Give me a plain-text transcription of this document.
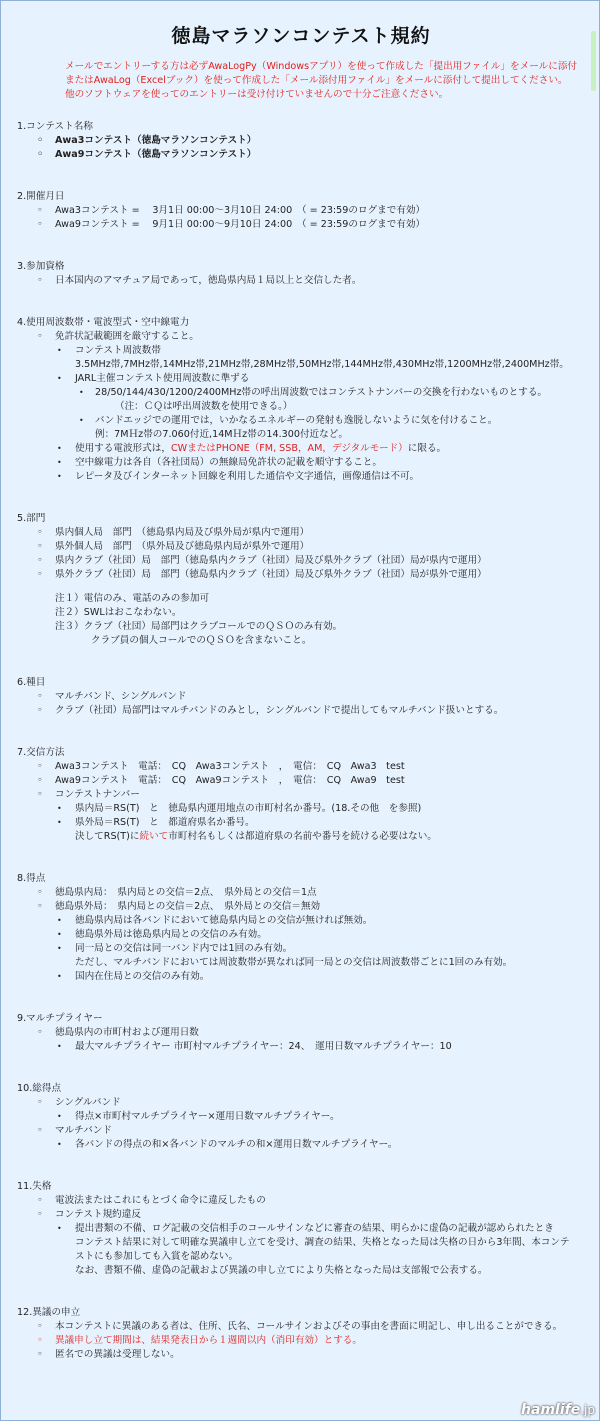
徳島マラソンコンテスト規約
メールでエントリーする方は必ずAwaLogPy（Windowsアプリ）を使って作成した「提出用ファイル」をメールに添付
またはAwaLog（Excelブック）を使って作成した「メール添付用ファイル」をメールに添付して提出してください。
他のソフトウェアを使ってのエントリーは受け付けていませんので十分ご注意ください。
1.コンテスト名称
◦ Awa3コンテスト（徳島マラソンコンテスト）
◦ Awa9コンテスト（徳島マラソンコンテスト）
2.開催月日
◦ Awa3コンテスト =　 3月1日 00:00～3月10日 24:00　（ = 23:59のログまで有効）
◦ Awa9コンテスト =　 9月1日 00:00～9月10日 24:00　（ = 23:59のログまで有効）
3.参加資格
◦ 日本国内のアマチュア局であって，徳島県内局１局以上と交信した者。
4.使用周波数帯・電波型式・空中線電力
◦ 免許状記載範囲を厳守すること。
• コンテスト周波数帯
3.5MHz帯,7MHz帯,14MHz帯,21MHz帯,28MHz帯,50MHz帯,144MHz帯,430MHz帯,1200MHz帯,2400MHz帯。
• JARL主催コンテスト使用周波数に準ずる
• 28/50/144/430/1200/2400MHz帯の呼出周波数ではコンテストナンバーの交換を行わないものとする。
（注：ＣＱは呼出周波数を使用できる。）
• バンドエッジでの運用では，いかなるエネルギーの発射も逸脱しないように気を付けること。
例：7MＨz帯の7.060付近,14MＨz帯の14.300付近など。
• 使用する電波形式は，CWまたはPHONE（FM, SSB，AM，デジタルモード）に限る。
• 空中線電力は各自（各社団局）の無線局免許状の記載を順守すること。
• レピータ及びインターネット回線を利用した通信や文字通信，画像通信は不可。
5.部門
◦ 県内個人局　部門　（徳島県内局及び県外局が県内で運用）
◦ 県外個人局　部門　（県外局及び徳島県内局が県外で運用）
◦ 県内クラブ（社団）局　部門（徳島県内クラブ（社団）局及び県外クラブ（社団）局が県内で運用）
◦ 県外クラブ（社団）局　部門（徳島県内クラブ（社団）局及び県外クラブ（社団）局が県外で運用）
注１）電信のみ、電話のみの参加可
注２）SWLはおこなわない。
注３）クラブ（社団）局部門はクラブコールでのＱＳＯのみ有効。
クラブ員の個人コールでのＱＳＯを含まないこと。
6.種目
◦ マルチバンド、シングルバンド
◦ クラブ（社団）局部門はマルチバンドのみとし，シングルバンドで提出してもマルチバンド扱いとする。
7.交信方法
◦ Awa3コンテスト　電話：　CQ　Awa3コンテスト　，　電信：　CQ　Awa3　test
◦ Awa9コンテスト　電話：　CQ　Awa9コンテスト　，　電信：　CQ　Awa9　test
◦ コンテストナンバー
• 県内局＝RS(T)　と　徳島県内運用地点の市町村名か番号。(18.その他　を参照)
• 県外局＝RS(T)　と　都道府県名か番号。
決してRS(T)に続いて市町村名もしくは都道府県の名前や番号を続ける必要はない。
8.得点
◦ 徳島県内局：　県内局との交信＝2点、　県外局との交信＝1点
◦ 徳島県外局：　県内局との交信＝2点、　県外局との交信＝無効
• 徳島県内局は各バンドにおいて徳島県内局との交信が無ければ無効。
• 徳島県外局は徳島県内局との交信のみ有効。
• 同一局との交信は同一バンド内では1回のみ有効。
ただし、マルチバンドにおいては周波数帯が異なれば同一局との交信は周波数帯ごとに1回のみ有効。
• 国内在住局との交信のみ有効。
9.マルチプライヤー
◦ 徳島県内の市町村および運用日数
• 最大マルチプライヤー 市町村マルチプライヤー：24、　運用日数マルチプライヤー：10
10.総得点
◦ シングルバンド
• 得点×市町村マルチプライヤー×運用日数マルチプライヤー。
◦ マルチバンド
• 各バンドの得点の和×各バンドのマルチの和×運用日数マルチプライヤー。
11.失格
◦ 電波法またはこれにもとづく命令に違反したもの
◦ コンテスト規約違反
• 提出書類の不備、ログ記載の交信相手のコールサインなどに審査の結果、明らかに虚偽の記載が認められたとき
コンテスト結果に対して明確な異議申し立てを受け、調査の結果、失格となった局は失格の日から3年間、本コンテ
ストにも参加しても入賞を認めない。
なお、書類不備、虚偽の記載および異議の申し立てにより失格となった局は支部報で公表する。
12.異議の申立
◦ 本コンテストに異議のある者は、住所、氏名、コールサインおよびその事由を書面に明記し、申し出ることができる。
◦ 異議申し立て期間は、結果発表日から１週間以内（消印有効）とする。
◦ 匿名での異議は受理しない。
hamlife.jp
